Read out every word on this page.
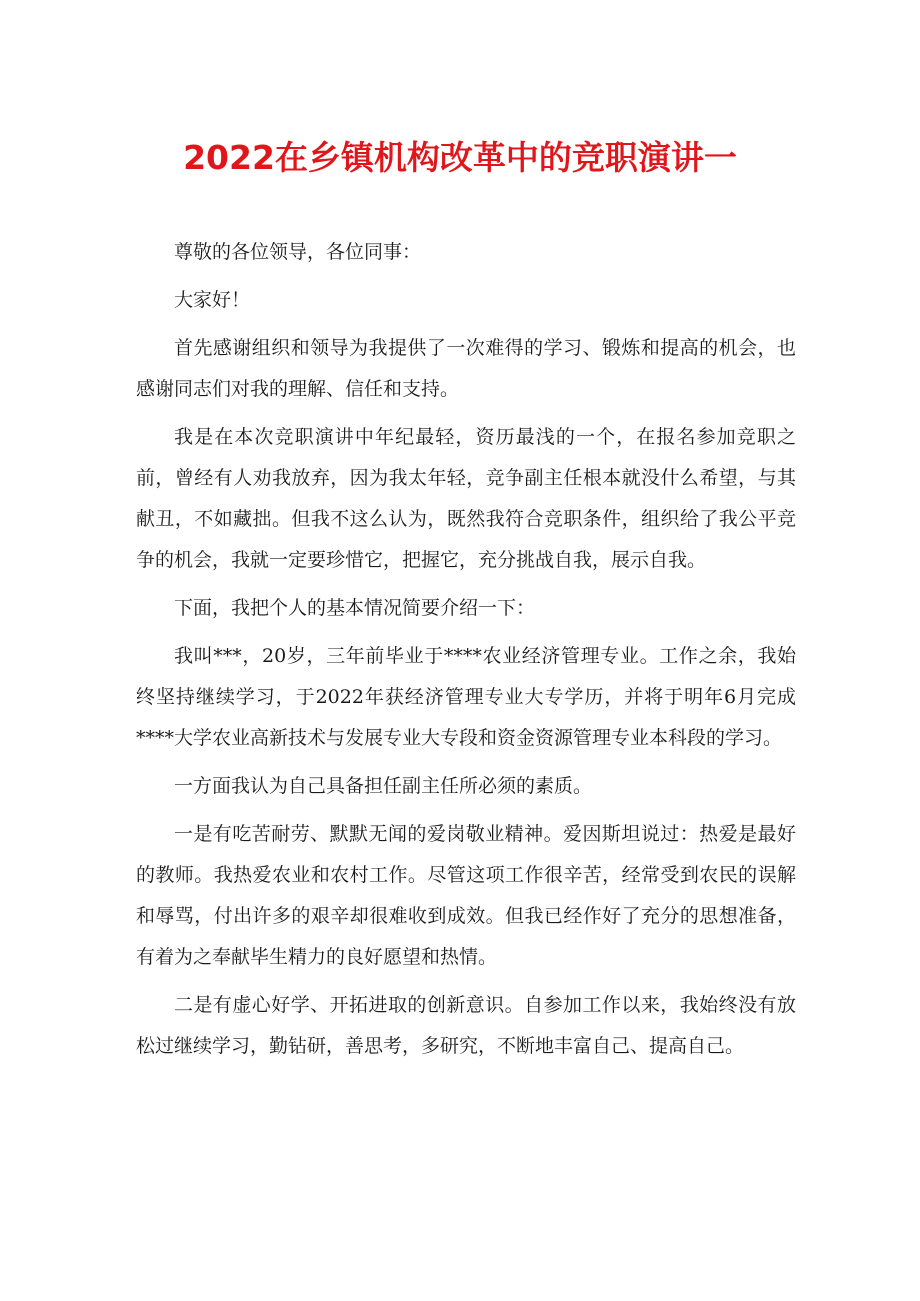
2022在乡镇机构改革中的竞职演讲一

尊敬的各位领导，各位同事：

大家好！

首先感谢组织和领导为我提供了一次难得的学习、锻炼和提高的机会，也感谢同志们对我的理解、信任和支持。

我是在本次竞职演讲中年纪最轻，资历最浅的一个，在报名参加竞职之前，曾经有人劝我放弃，因为我太年轻，竞争副主任根本就没什么希望，与其献丑，不如藏拙。但我不这么认为，既然我符合竞职条件，组织给了我公平竞争的机会，我就一定要珍惜它，把握它，充分挑战自我，展示自我。

下面，我把个人的基本情况简要介绍一下：

我叫***，20岁，三年前毕业于****农业经济管理专业。工作之余，我始终坚持继续学习，于2022年获经济管理专业大专学历，并将于明年6月完成****大学农业高新技术与发展专业大专段和资金资源管理专业本科段的学习。

一方面我认为自己具备担任副主任所必须的素质。

一是有吃苦耐劳、默默无闻的爱岗敬业精神。爱因斯坦说过：热爱是最好的教师。我热爱农业和农村工作。尽管这项工作很辛苦，经常受到农民的误解和辱骂，付出许多的艰辛却很难收到成效。但我已经作好了充分的思想准备，有着为之奉献毕生精力的良好愿望和热情。

二是有虚心好学、开拓进取的创新意识。自参加工作以来，我始终没有放松过继续学习，勤钻研，善思考，多研究，不断地丰富自己、提高自己。
